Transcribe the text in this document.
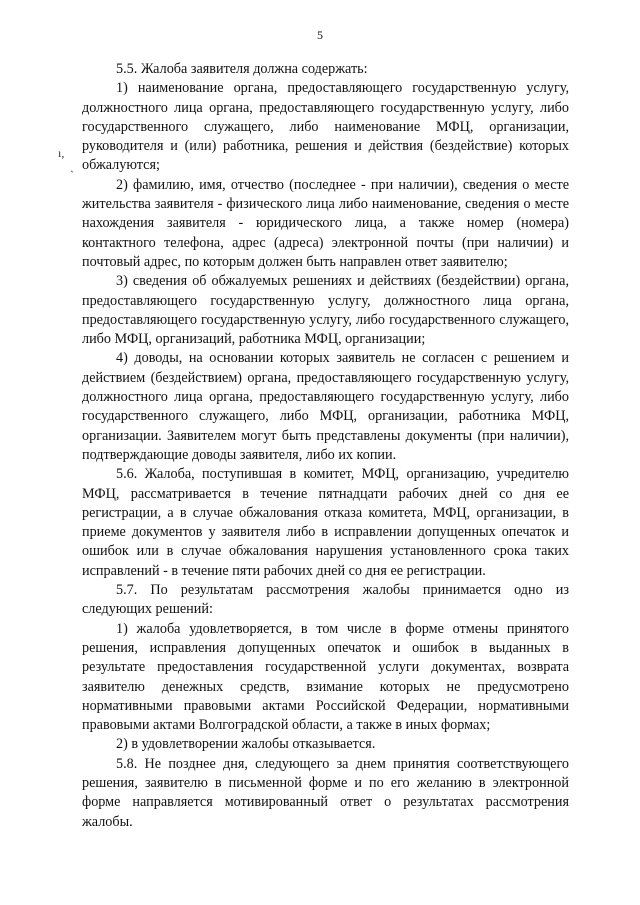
5
ı,
`

5.5. Жалоба заявителя должна содержать:

1) наименование органа, предоставляющего государственную услугу, должностного лица органа, предоставляющего государственную услугу, либо государственного служащего, либо наименование МФЦ, организации, руководителя и (или) работника, решения и действия (бездействие) которых обжалуются;

2) фамилию, имя, отчество (последнее - при наличии), сведения о месте жительства заявителя - физического лица либо наименование, сведения о месте нахождения заявителя - юридического лица, а также номер (номера) контактного телефона, адрес (адреса) электронной почты (при наличии) и почтовый адрес, по которым должен быть направлен ответ заявителю;

3) сведения об обжалуемых решениях и действиях (бездействии) органа, предоставляющего государственную услугу, должностного лица органа, предоставляющего государственную услугу, либо государственного служащего, либо МФЦ, организаций, работника МФЦ, организации;

4) доводы, на основании которых заявитель не согласен с решением и действием (бездействием) органа, предоставляющего государственную услугу, должностного лица органа, предоставляющего государственную услугу, либо государственного служащего, либо МФЦ, организации, работника МФЦ, организации. Заявителем могут быть представлены документы (при наличии), подтверждающие доводы заявителя, либо их копии.

5.6. Жалоба, поступившая в комитет, МФЦ, организацию, учредителю МФЦ, рассматривается в течение пятнадцати рабочих дней со дня ее регистрации, а в случае обжалования отказа комитета, МФЦ, организации, в приеме документов у заявителя либо в исправлении допущенных опечаток и ошибок или в случае обжалования нарушения установленного срока таких исправлений - в течение пяти рабочих дней со дня ее регистрации.

5.7. По результатам рассмотрения жалобы принимается одно из следующих решений:

1) жалоба удовлетворяется, в том числе в форме отмены принятого решения, исправления допущенных опечаток и ошибок в выданных в результате предоставления государственной услуги документах, возврата заявителю денежных средств, взимание которых не предусмотрено нормативными правовыми актами Российской Федерации, нормативными правовыми актами Волгоградской области, а также в иных формах;

2) в удовлетворении жалобы отказывается.

5.8. Не позднее дня, следующего за днем принятия соответствующего решения, заявителю в письменной форме и по его желанию в электронной форме направляется мотивированный ответ о результатах рассмотрения жалобы.
